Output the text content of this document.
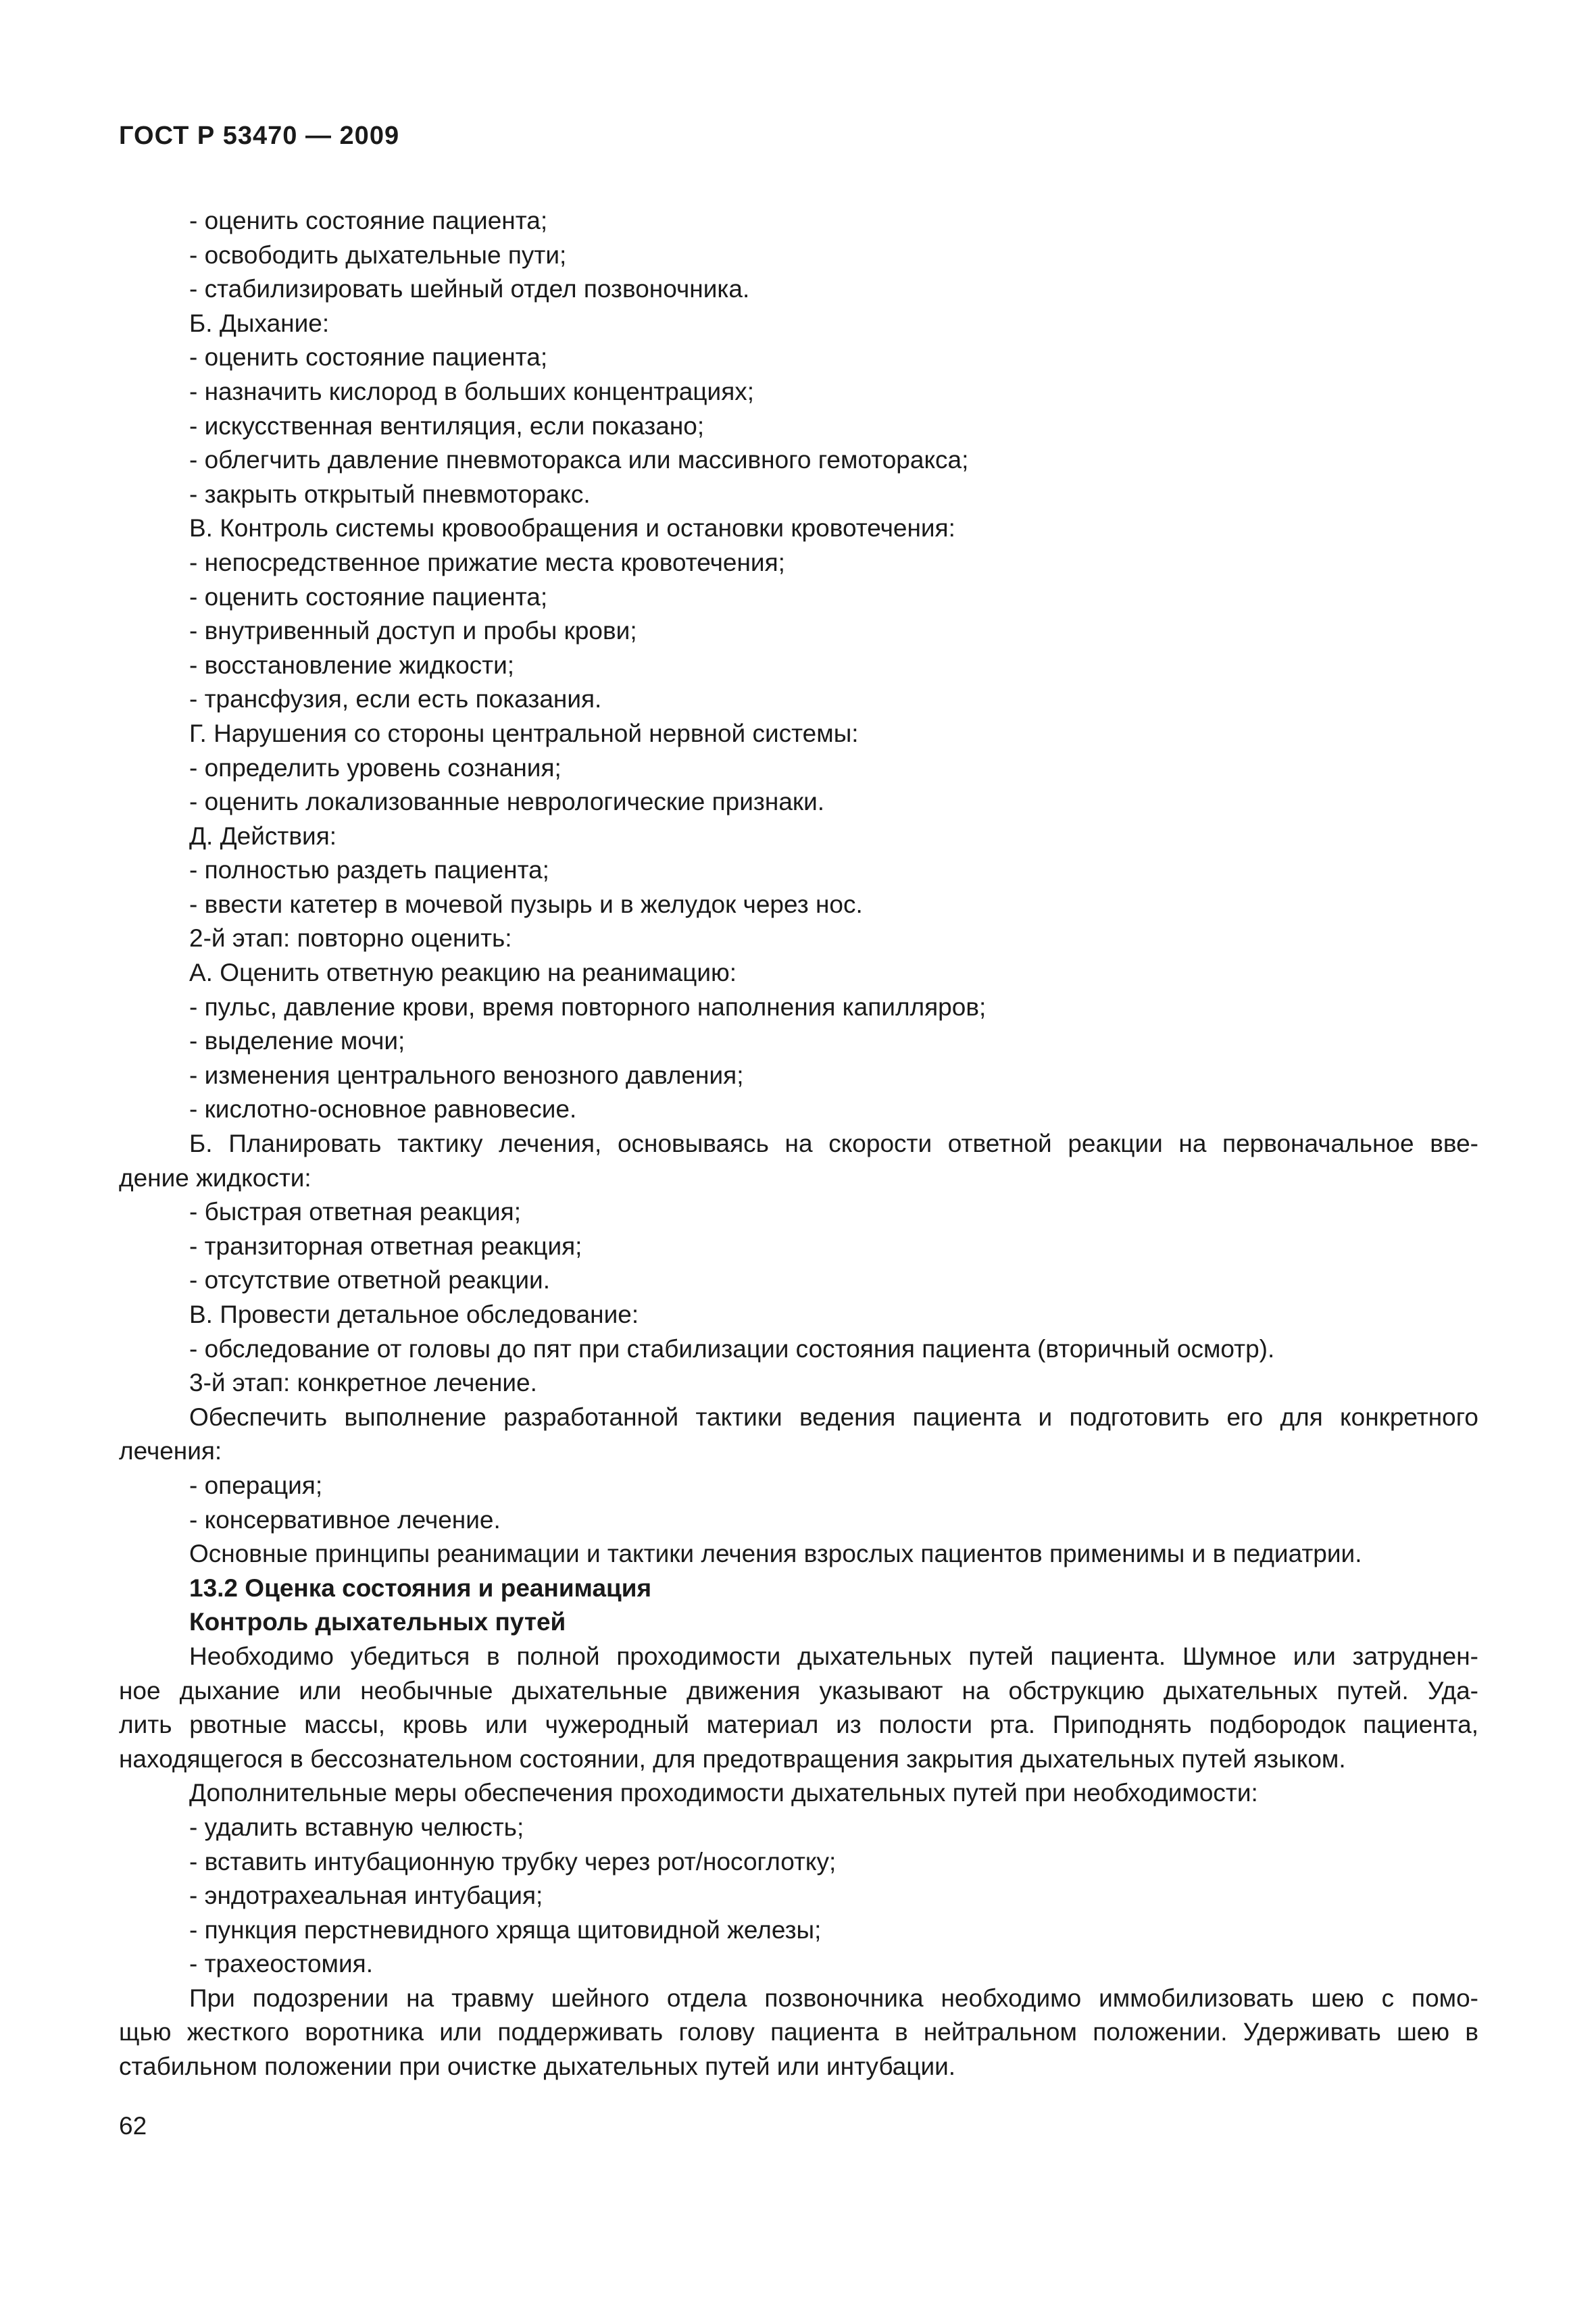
ГОСТ Р 53470 — 2009

- оценить состояние пациента;

- освободить дыхательные пути;

- стабилизировать шейный отдел позвоночника.

Б. Дыхание:

- оценить состояние пациента;

- назначить кислород в больших концентрациях;

- искусственная вентиляция, если показано;

- облегчить давление пневмоторакса или массивного гемоторакса;

- закрыть открытый пневмоторакс.

В. Контроль системы кровообращения и остановки кровотечения:

- непосредственное прижатие места кровотечения;

- оценить состояние пациента;

- внутривенный доступ и пробы крови;

- восстановление жидкости;

- трансфузия, если есть показания.

Г. Нарушения со стороны центральной нервной системы:

- определить уровень сознания;

- оценить локализованные неврологические признаки.

Д. Действия:

- полностью раздеть пациента;

- ввести катетер в мочевой пузырь и в желудок через нос.

2-й этап: повторно оценить:

А. Оценить ответную реакцию на реанимацию:

- пульс, давление крови, время повторного наполнения капилляров;

- выделение мочи;

- изменения центрального венозного давления;

- кислотно-основное равновесие.

Б. Планировать тактику лечения, основываясь на скорости ответной реакции на первоначальное вве-

дение жидкости:

- быстрая ответная реакция;

- транзиторная ответная реакция;

- отсутствие ответной реакции.

В. Провести детальное обследование:

- обследование от головы до пят при стабилизации состояния пациента (вторичный осмотр).

3-й этап: конкретное лечение.

Обеспечить выполнение разработанной тактики ведения пациента и подготовить его для конкретного

лечения:

- операция;

- консервативное лечение.

Основные принципы реанимации и тактики лечения взрослых пациентов применимы и в педиатрии.

13.2 Оценка состояния и реанимация

Контроль дыхательных путей

Необходимо убедиться в полной проходимости дыхательных путей пациента. Шумное или затруднен-

ное дыхание или необычные дыхательные движения указывают на обструкцию дыхательных путей. Уда-

лить рвотные массы, кровь или чужеродный материал из полости рта. Приподнять подбородок пациента,

находящегося в бессознательном состоянии, для предотвращения закрытия дыхательных путей языком.

Дополнительные меры обеспечения проходимости дыхательных путей при необходимости:

- удалить вставную челюсть;

- вставить интубационную трубку через рот/носоглотку;

- эндотрахеальная интубация;

- пункция перстневидного хряща щитовидной железы;

- трахеостомия.

При подозрении на травму шейного отдела позвоночника необходимо иммобилизовать шею с помо-

щью жесткого воротника или поддерживать голову пациента в нейтральном положении. Удерживать шею в

стабильном положении при очистке дыхательных путей или интубации.

62
